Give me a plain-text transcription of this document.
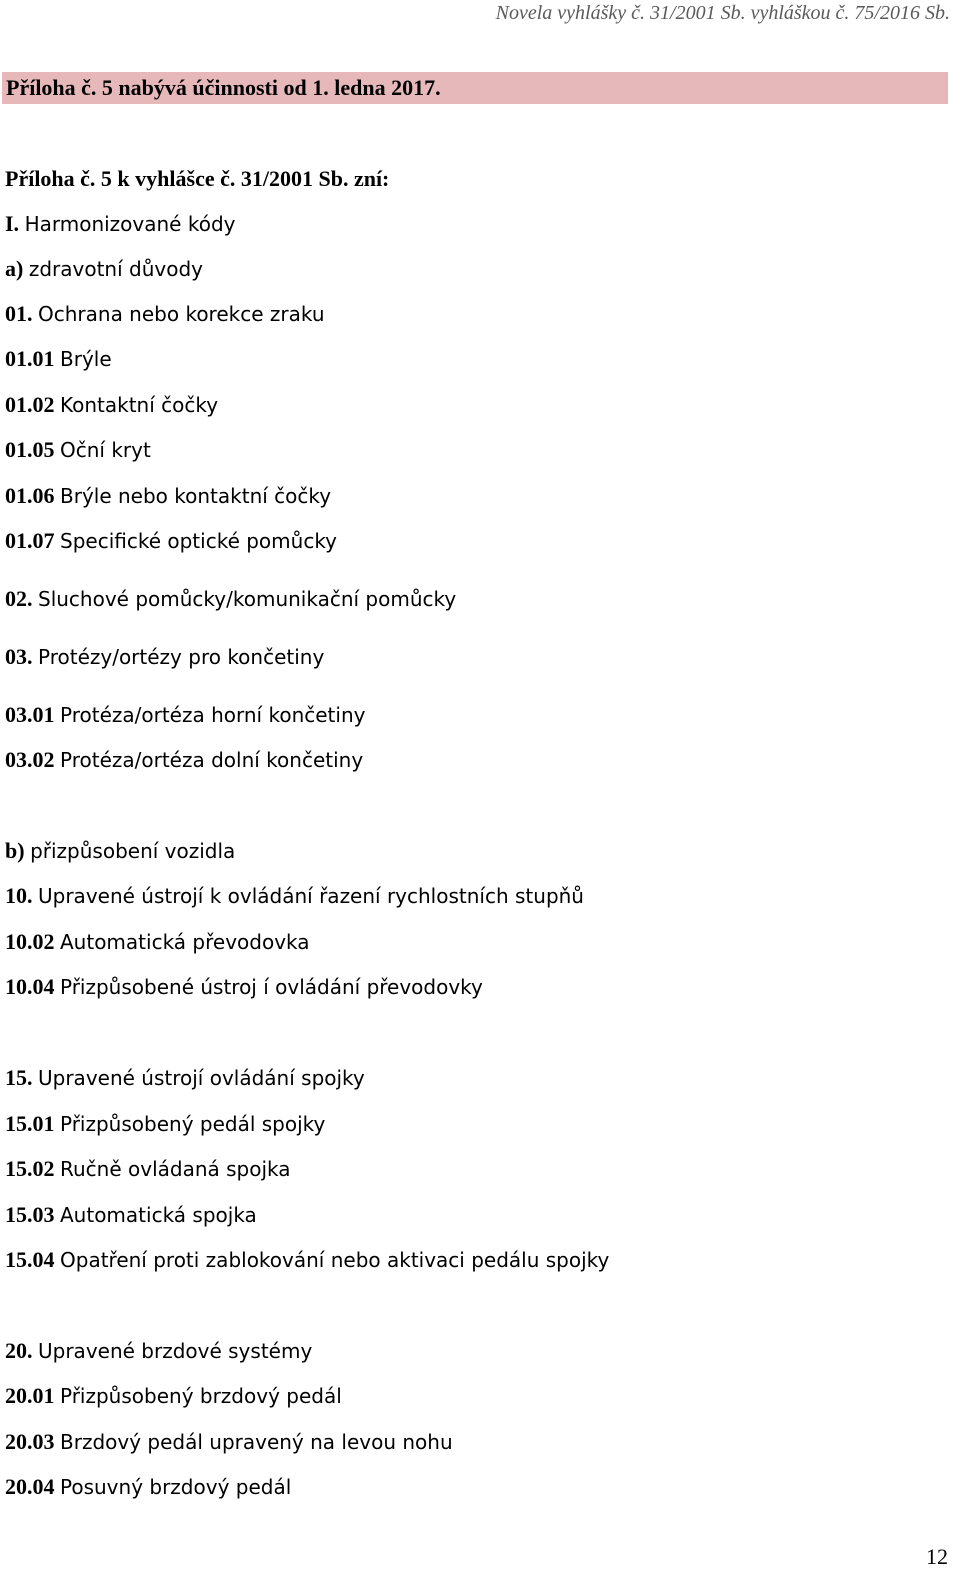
Novela vyhlášky č. 31/2001 Sb. vyhláškou č. 75/2016 Sb.
Příloha č. 5 nabývá účinnosti od 1. ledna 2017.
Příloha č. 5 k vyhlášce č. 31/2001 Sb. zní:
I. Harmonizované kódy
a) zdravotní důvody
01. Ochrana nebo korekce zraku
01.01 Brýle
01.02 Kontaktní čočky
01.05 Oční kryt
01.06 Brýle nebo kontaktní čočky
01.07 Specifické optické pomůcky
02. Sluchové pomůcky/komunikační pomůcky
03. Protézy/ortézy pro končetiny
03.01 Protéza/ortéza horní končetiny
03.02 Protéza/ortéza dolní končetiny
b) přizpůsobení vozidla
10. Upravené ústrojí k ovládání řazení rychlostních stupňů
10.02 Automatická převodovka
10.04 Přizpůsobené ústroj í ovládání převodovky
15. Upravené ústrojí ovládání spojky
15.01 Přizpůsobený pedál spojky
15.02 Ručně ovládaná spojka
15.03 Automatická spojka
15.04 Opatření proti zablokování nebo aktivaci pedálu spojky
20. Upravené brzdové systémy
20.01 Přizpůsobený brzdový pedál
20.03 Brzdový pedál upravený na levou nohu
20.04 Posuvný brzdový pedál
12
